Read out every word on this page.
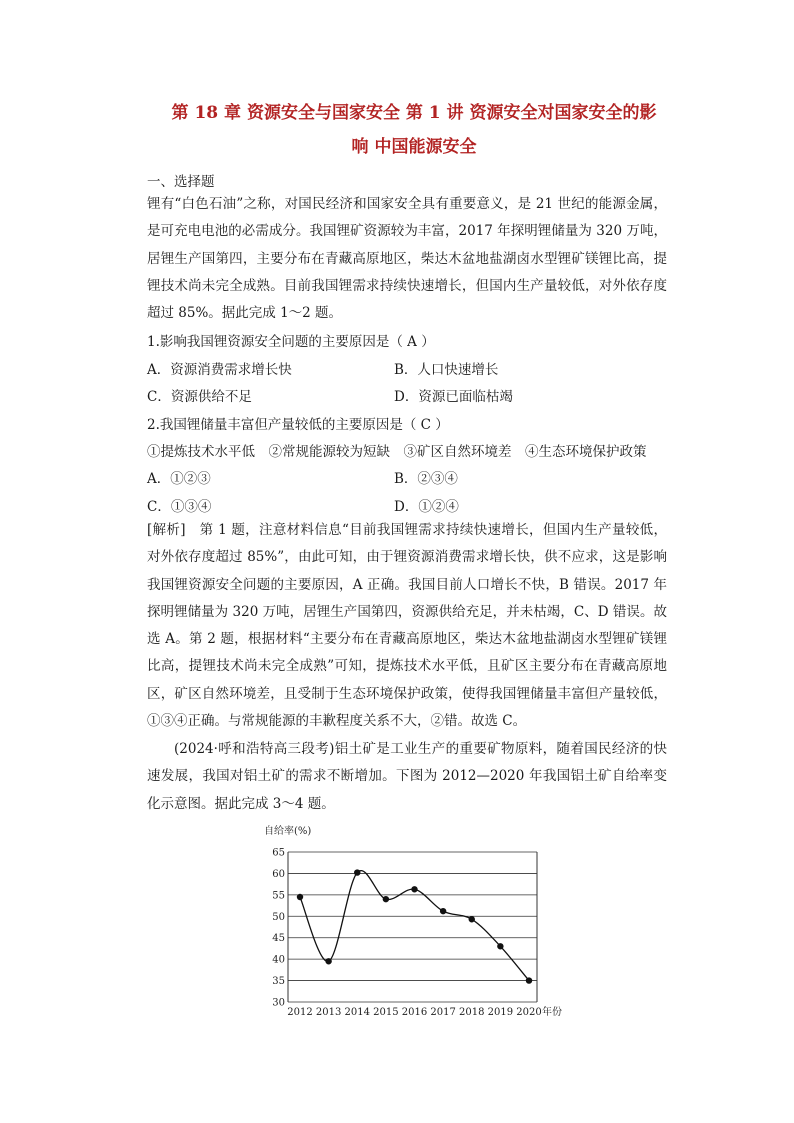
第 18 章 资源安全与国家安全 第 1 讲 资源安全对国家安全的影
响 中国能源安全
一、选择题
锂有“白色石油”之称，对国民经济和国家安全具有重要意义，是 21 世纪的能源金属，是可充电电池的必需成分。我国锂矿资源较为丰富，2017 年探明锂储量为 320 万吨，居锂生产国第四，主要分布在青藏高原地区，柴达木盆地盐湖卤水型锂矿镁锂比高，提锂技术尚未完全成熟。目前我国锂需求持续快速增长，但国内生产量较低，对外依存度超过 85%。据此完成 1～2 题。
1.影响我国锂资源安全问题的主要原因是（ A ）
A．资源消费需求增长快	B．人口快速增长
C．资源供给不足	D．资源已面临枯竭
2.我国锂储量丰富但产量较低的主要原因是（ C ）
①提炼技术水平低　②常规能源较为短缺　③矿区自然环境差　④生态环境保护政策
A．①②③	B．②③④
C．①③④	D．①②④
[解析]　第 1 题，注意材料信息“目前我国锂需求持续快速增长，但国内生产量较低，对外依存度超过 85%”，由此可知，由于锂资源消费需求增长快，供不应求，这是影响我国锂资源安全问题的主要原因，A 正确。我国目前人口增长不快，B 错误。2017 年探明锂储量为 320 万吨，居锂生产国第四，资源供给充足，并未枯竭，C、D 错误。故选 A。第 2 题，根据材料“主要分布在青藏高原地区，柴达木盆地盐湖卤水型锂矿镁锂比高，提锂技术尚未完全成熟”可知，提炼技术水平低，且矿区主要分布在青藏高原地区，矿区自然环境差，且受制于生态环境保护政策，使得我国锂储量丰富但产量较低，①③④正确。与常规能源的丰歉程度关系不大，②错。故选 C。
(2024·呼和浩特高三段考)铝土矿是工业生产的重要矿物原料，随着国民经济的快速发展，我国对铝土矿的需求不断增加。下图为 2012—2020 年我国铝土矿自给率变化示意图。据此完成 3～4 题。
自给率(%)
30
35
40
45
50
55
60
65
2012 2013 2014 2015 2016 2017 2018 2019 2020 年份
